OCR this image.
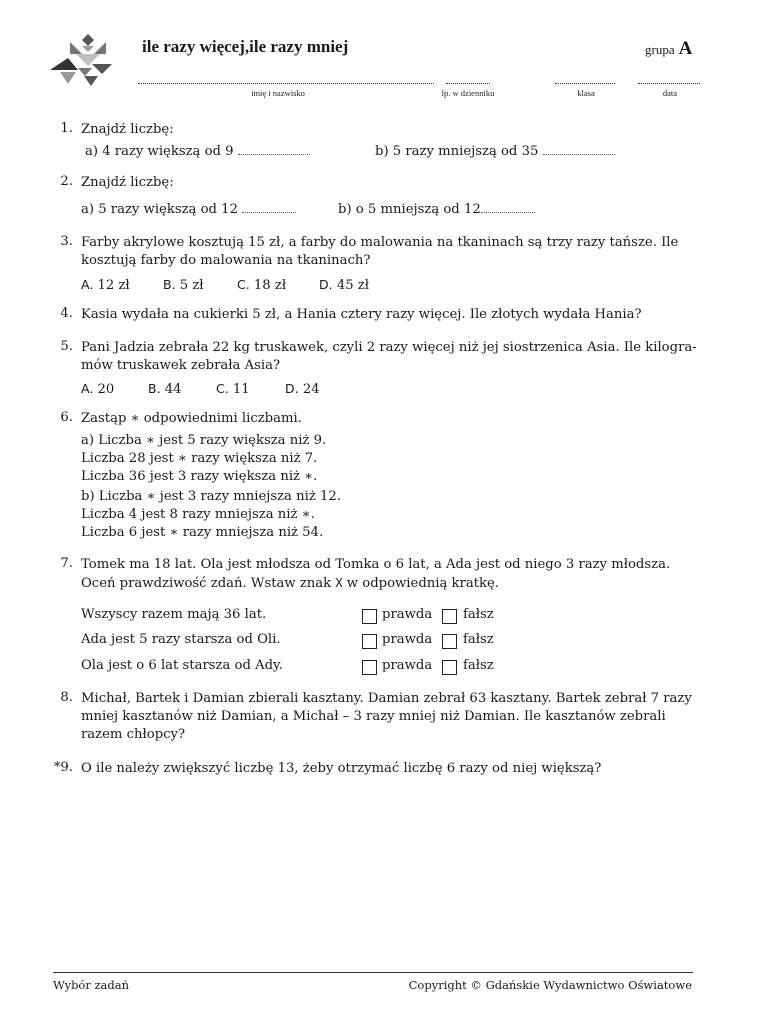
ile razy więcej,ile razy mniej	grupa A
imię i nazwisko	lp. w dzienniku	klasa	data
1. Znajdź liczbę:
a) 4 razy większą od 9	b) 5 razy mniejszą od 35
2. Znajdź liczbę:
a) 5 razy większą od 12	b) o 5 mniejszą od 12
3. Farby akrylowe kosztują 15 zł, a farby do malowania na tkaninach są trzy razy tańsze. Ile
kosztują farby do malowania na tkaninach?
A. 12 zł	B. 5 zł	C. 18 zł	D. 45 zł
4. Kasia wydała na cukierki 5 zł, a Hania cztery razy więcej. Ile złotych wydała Hania?
5. Pani Jadzia zebrała 22 kg truskawek, czyli 2 razy więcej niż jej siostrzenica Asia. Ile kilogra-
mów truskawek zebrała Asia?
A. 20	B. 44	C. 11	D. 24
6. Zastąp ∗ odpowiednimi liczbami.
a) Liczba ∗ jest 5 razy większa niż 9.
Liczba 28 jest ∗ razy większa niż 7.
Liczba 36 jest 3 razy większa niż ∗.
b) Liczba ∗ jest 3 razy mniejsza niż 12.
Liczba 4 jest 8 razy mniejsza niż ∗.
Liczba 6 jest ∗ razy mniejsza niż 54.
7. Tomek ma 18 lat. Ola jest młodsza od Tomka o 6 lat, a Ada jest od niego 3 razy młodsza.
Oceń prawdziwość zdań. Wstaw znak X w odpowiednią kratkę.
Wszyscy razem mają 36 lat.	prawda fałsz
Ada jest 5 razy starsza od Oli.	prawda fałsz
Ola jest o 6 lat starsza od Ady.	prawda fałsz
8. Michał, Bartek i Damian zbierali kasztany. Damian zebrał 63 kasztany. Bartek zebrał 7 razy
mniej kasztanów niż Damian, a Michał – 3 razy mniej niż Damian. Ile kasztanów zebrali
razem chłopcy?
*9. O ile należy zwiększyć liczbę 13, żeby otrzymać liczbę 6 razy od niej większą?
Wybór zadań	Copyright © Gdańskie Wydawnictwo Oświatowe
